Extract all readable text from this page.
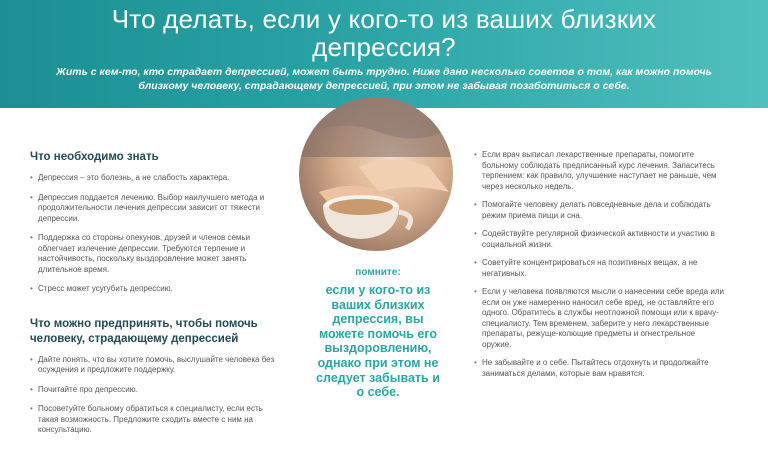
Что делать, если у кого-то из ваших близких депрессия?
Жить с кем-то, кто страдает депрессией, может быть трудно. Ниже дано несколько советов о том, как можно помочь близкому человеку, страдающему депрессией, при этом не забывая позаботиться о себе.
Что необходимо знать
• Депрессия – это болезнь, а не слабость характера.
• Депрессия поддается лечению. Выбор наилучшего метода и продолжительности лечения депрессии зависит от тяжести депрессии.
• Поддержка со стороны опекунов, друзей и членов семьи облегчает излечение депрессии. Требуются терпение и настойчивость, поскольку выздоровление может занять длительное время.
• Стресс может усугубить депрессию.
Что можно предпринять, чтобы помочь человеку, страдающему депрессией
• Дайте понять, что вы хотите помочь, выслушайте человека без осуждения и предложите поддержку.
• Почитайте про депрессию.
• Посоветуйте больному обратиться к специалисту, если есть такая возможность. Предложите сходить вместе с ним на консультацию.
помните:
если у кого-то из ваших близких депрессия, вы можете помочь его выздоровлению, однако при этом не следует забывать и о себе.
• Если врач выписал лекарственные препараты, помогите больному соблюдать предписанный курс лечения. Запаситесь терпением: как правило, улучшение наступает не раньше, чем через несколько недель.
• Помогайте человеку делать повседневные дела и соблюдать режим приема пищи и сна.
• Содействуйте регулярной физической активности и участию в социальной жизни.
• Советуйте концентрироваться на позитивных вещах, а не негативных.
• Если у человека появляются мысли о нанесении себе вреда или если он уже намеренно наносил себе вред, не оставляйте его одного. Обратитесь в службы неотложной помощи или к врачу-специалисту. Тем временем, заберите у него лекарственные препараты, режуще-колющие предметы и огнестрельное оружие.
• Не забывайте и о себе. Пытайтесь отдохнуть и продолжайте заниматься делами, которые вам нравятся.
